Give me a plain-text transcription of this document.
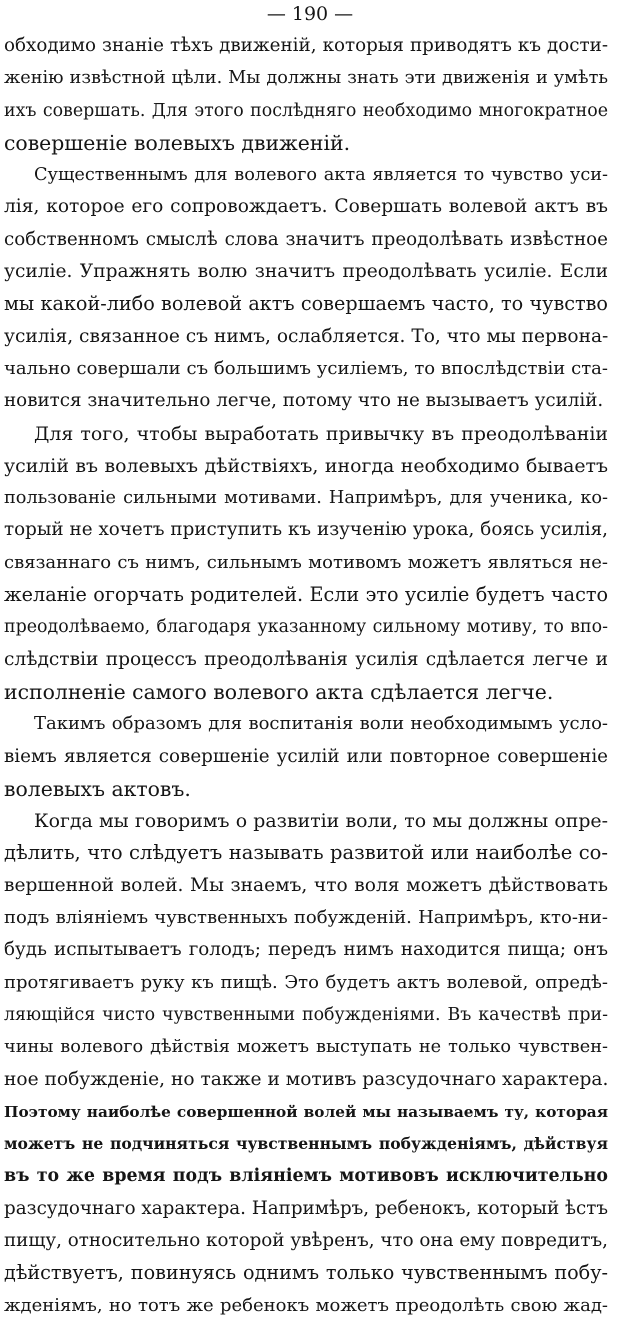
— 190 —
обходимо знаніе тѣхъ движеній, которыя приводятъ къ дости-
женію извѣстной цѣли. Мы должны знать эти движенія и умѣть
ихъ совершать. Для этого послѣдняго необходимо многократное
совершеніе волевыхъ движеній.
Существеннымъ для волевого акта является то чувство уси-
лія, которое его сопровождаетъ. Совершать волевой актъ въ
собственномъ смыслѣ слова значитъ преодолѣвать извѣстное
усиліе. Упражнять волю значитъ преодолѣвать усиліе. Если
мы какой-либо волевой актъ совершаемъ часто, то чувство
усилія, связанное съ нимъ, ослабляется. То, что мы первона-
чально совершали съ большимъ усиліемъ, то впослѣдствіи ста-
новится значительно легче, потому что не вызываетъ усилій.
Для того, чтобы выработать привычку въ преодолѣваніи
усилій въ волевыхъ дѣйствіяхъ, иногда необходимо бываетъ
пользованіе сильными мотивами. Напримѣръ, для ученика, ко-
торый не хочетъ приступить къ изученію урока, боясь усилія,
связаннаго съ нимъ, сильнымъ мотивомъ можетъ являться не-
желаніе огорчать родителей. Если это усиліе будетъ часто
преодолѣваемо, благодаря указанному сильному мотиву, то впо-
слѣдствіи процессъ преодолѣванія усилія сдѣлается легче и
исполненіе самого волевого акта сдѣлается легче.
Такимъ образомъ для воспитанія воли необходимымъ усло-
віемъ является совершеніе усилій или повторное совершеніе
волевыхъ актовъ.
Когда мы говоримъ о развитіи воли, то мы должны опре-
дѣлить, что слѣдуетъ называть развитой или наиболѣе со-
вершенной волей. Мы знаемъ, что воля можетъ дѣйствовать
подъ вліяніемъ чувственныхъ побужденій. Напримѣръ, кто-ни-
будь испытываетъ голодъ; передъ нимъ находится пища; онъ
протягиваетъ руку къ пищѣ. Это будетъ актъ волевой, опредѣ-
ляющійся чисто чувственными побужденіями. Въ качествѣ при-
чины волевого дѣйствія можетъ выступать не только чувствен-
ное побужденіе, но также и мотивъ разсудочнаго характера.
Поэтому наиболѣе совершенной волей мы называемъ ту, которая
можетъ не подчиняться чувственнымъ побужденіямъ, дѣйствуя
въ то же время подъ вліяніемъ мотивовъ исключительно
разсудочнаго характера. Напримѣръ, ребенокъ, который ѣстъ
пищу, относительно которой увѣренъ, что она ему повредитъ,
дѣйствуетъ, повинуясь однимъ только чувственнымъ побу-
жденіямъ, но тотъ же ребенокъ можетъ преодолѣть свою жад-
